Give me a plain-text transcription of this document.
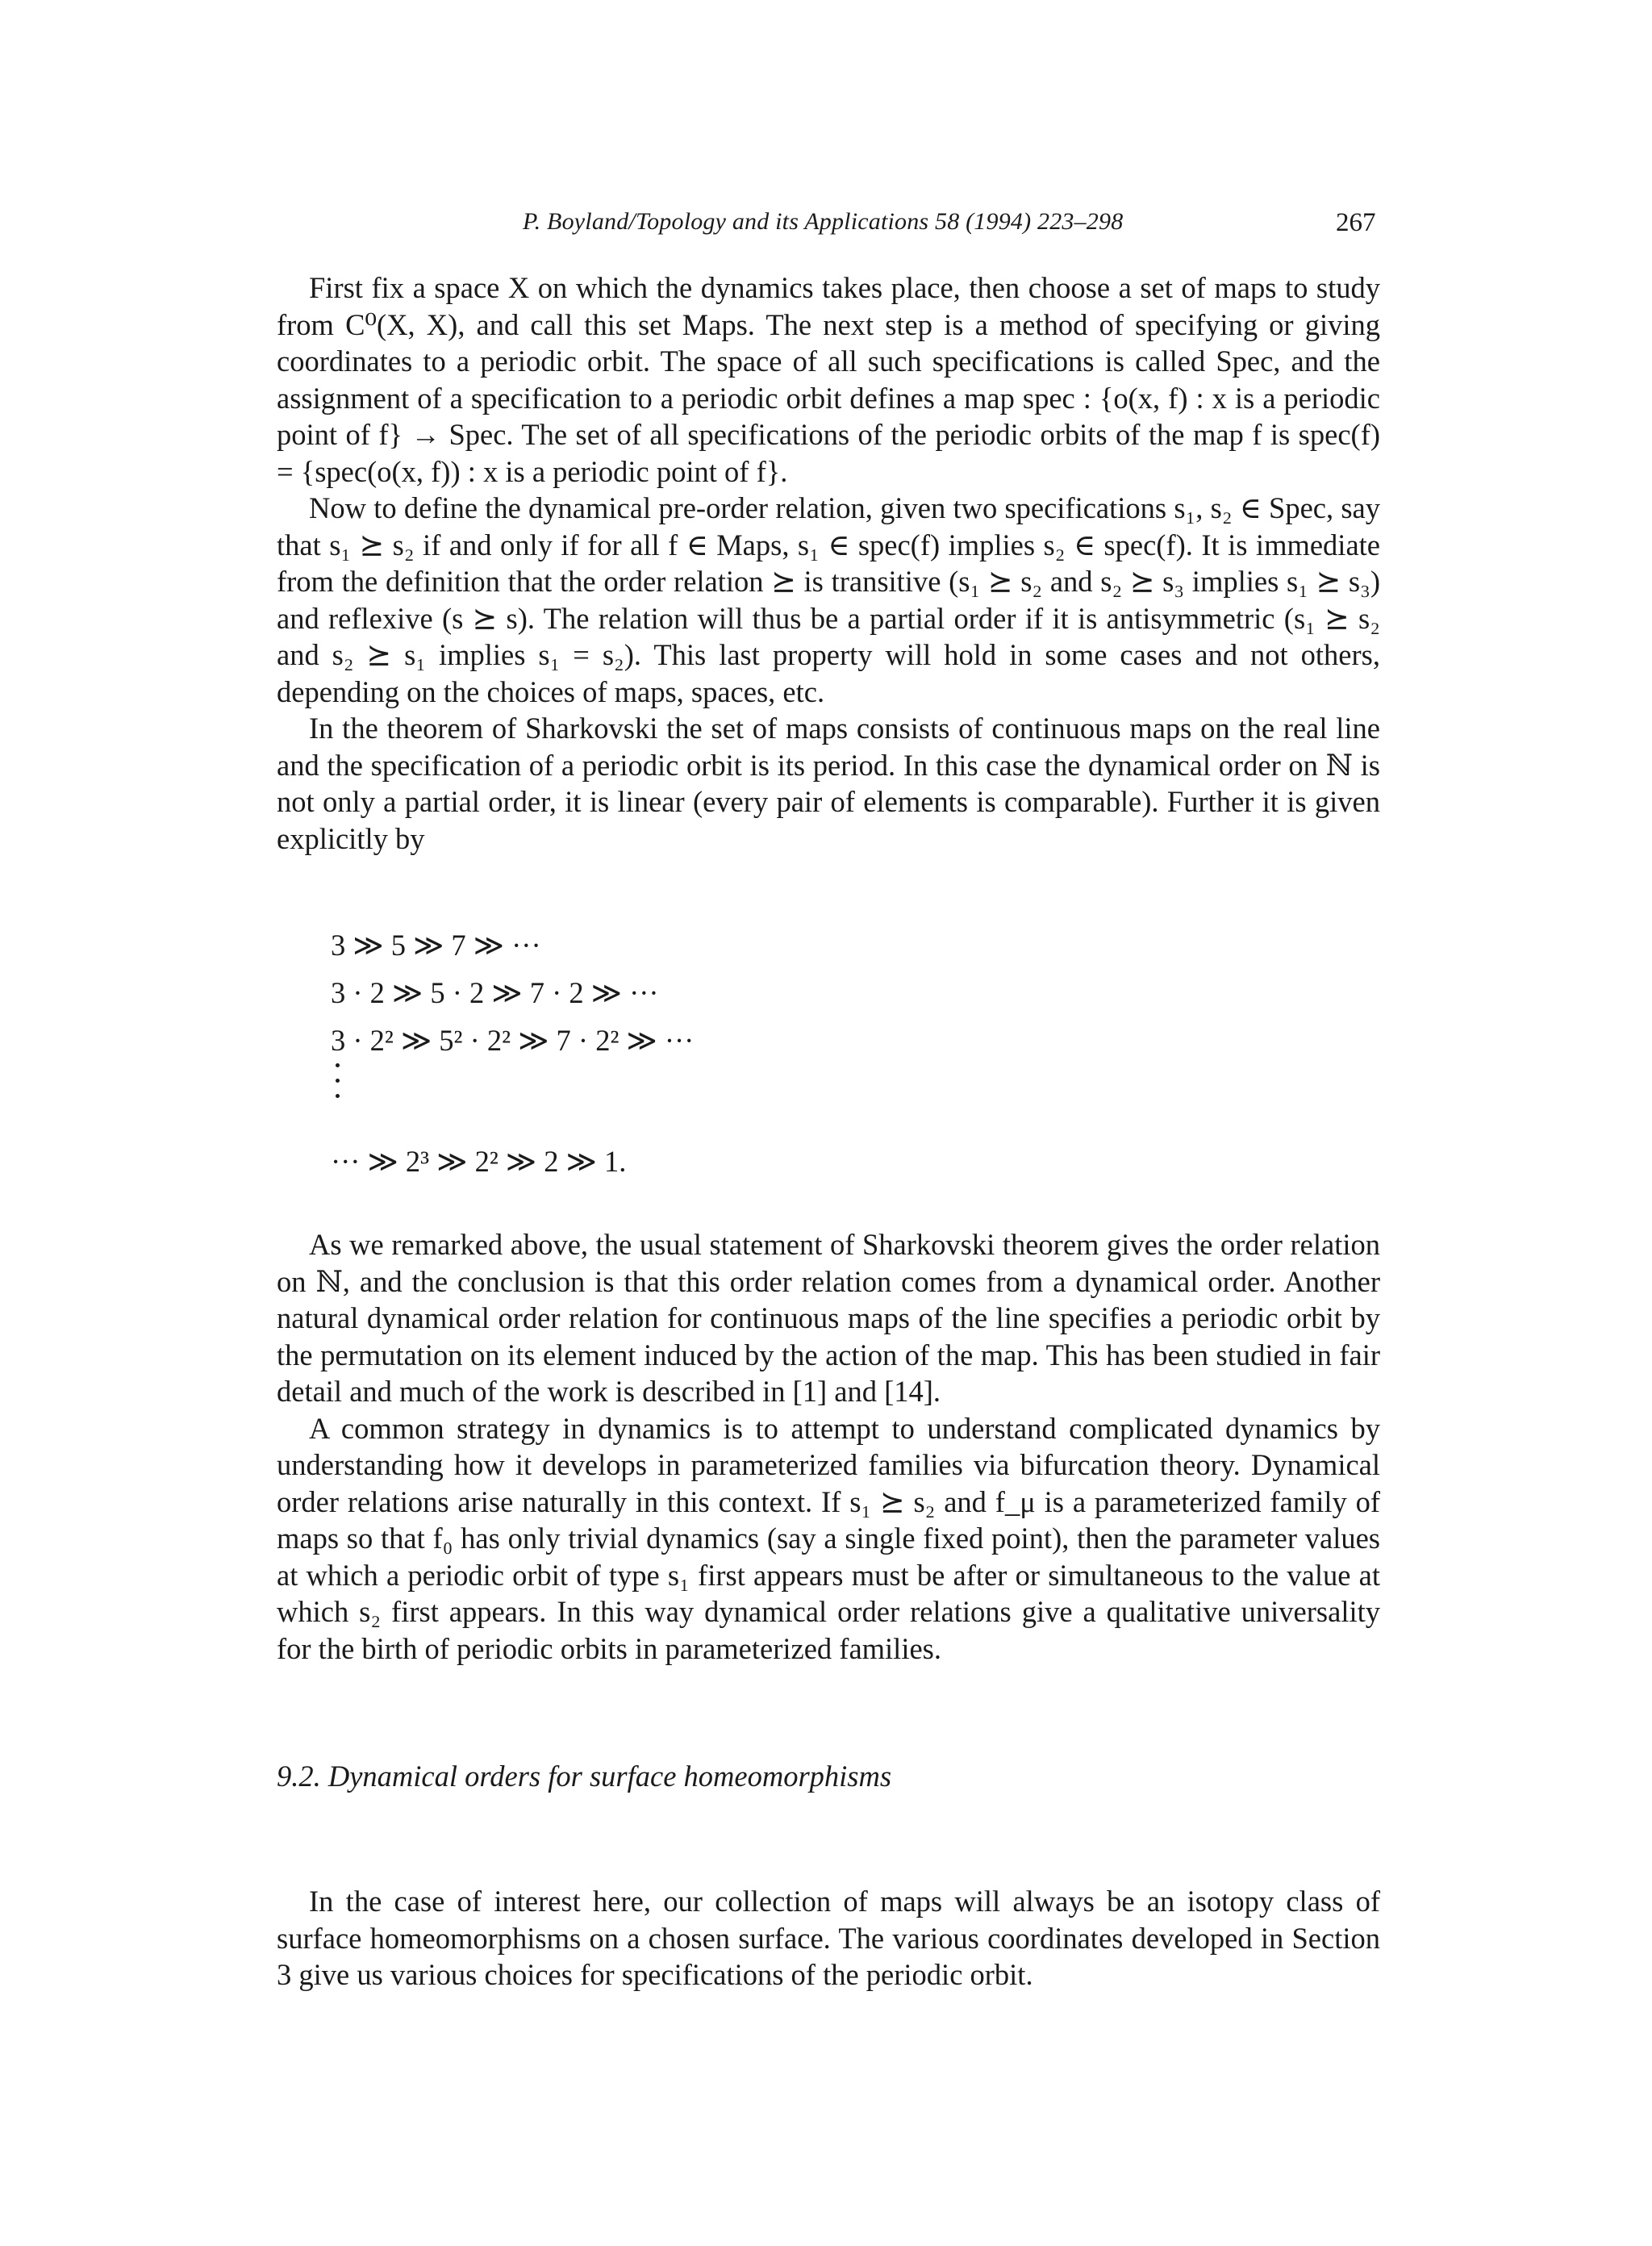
P. Boyland/Topology and its Applications 58 (1994) 223–298	267

First fix a space X on which the dynamics takes place, then choose a set of maps to study from C⁰(X, X), and call this set Maps. The next step is a method of specifying or giving coordinates to a periodic orbit. The space of all such specifications is called Spec, and the assignment of a specification to a periodic orbit defines a map spec : {o(x, f) : x is a periodic point of f} → Spec. The set of all specifications of the periodic orbits of the map f is spec(f) = {spec(o(x, f)) : x is a periodic point of f}.

Now to define the dynamical pre-order relation, given two specifications s₁, s₂ ∈ Spec, say that s₁ ⪰ s₂ if and only if for all f ∈ Maps, s₁ ∈ spec(f) implies s₂ ∈ spec(f). It is immediate from the definition that the order relation ⪰ is transitive (s₁ ⪰ s₂ and s₂ ⪰ s₃ implies s₁ ⪰ s₃) and reflexive (s ⪰ s). The relation will thus be a partial order if it is antisymmetric (s₁ ⪰ s₂ and s₂ ⪰ s₁ implies s₁ = s₂). This last property will hold in some cases and not others, depending on the choices of maps, spaces, etc.

In the theorem of Sharkovski the set of maps consists of continuous maps on the real line and the specification of a periodic orbit is its period. In this case the dynamical order on ℕ is not only a partial order, it is linear (every pair of elements is comparable). Further it is given explicitly by

3 ≫ 5 ≫ 7 ≫ ···
3 · 2 ≫ 5 · 2 ≫ 7 · 2 ≫ ···
3 · 2² ≫ 5² · 2² ≫ 7 · 2² ≫ ···
··· ≫ 2³ ≫ 2² ≫ 2 ≫ 1.

As we remarked above, the usual statement of Sharkovski theorem gives the order relation on ℕ, and the conclusion is that this order relation comes from a dynamical order. Another natural dynamical order relation for continuous maps of the line specifies a periodic orbit by the permutation on its element induced by the action of the map. This has been studied in fair detail and much of the work is described in [1] and [14].

A common strategy in dynamics is to attempt to understand complicated dynamics by understanding how it develops in parameterized families via bifurcation theory. Dynamical order relations arise naturally in this context. If s₁ ⪰ s₂ and f_μ is a parameterized family of maps so that f₀ has only trivial dynamics (say a single fixed point), then the parameter values at which a periodic orbit of type s₁ first appears must be after or simultaneous to the value at which s₂ first appears. In this way dynamical order relations give a qualitative universality for the birth of periodic orbits in parameterized families.

9.2. Dynamical orders for surface homeomorphisms

In the case of interest here, our collection of maps will always be an isotopy class of surface homeomorphisms on a chosen surface. The various coordinates developed in Section 3 give us various choices for specifications of the periodic orbit.
